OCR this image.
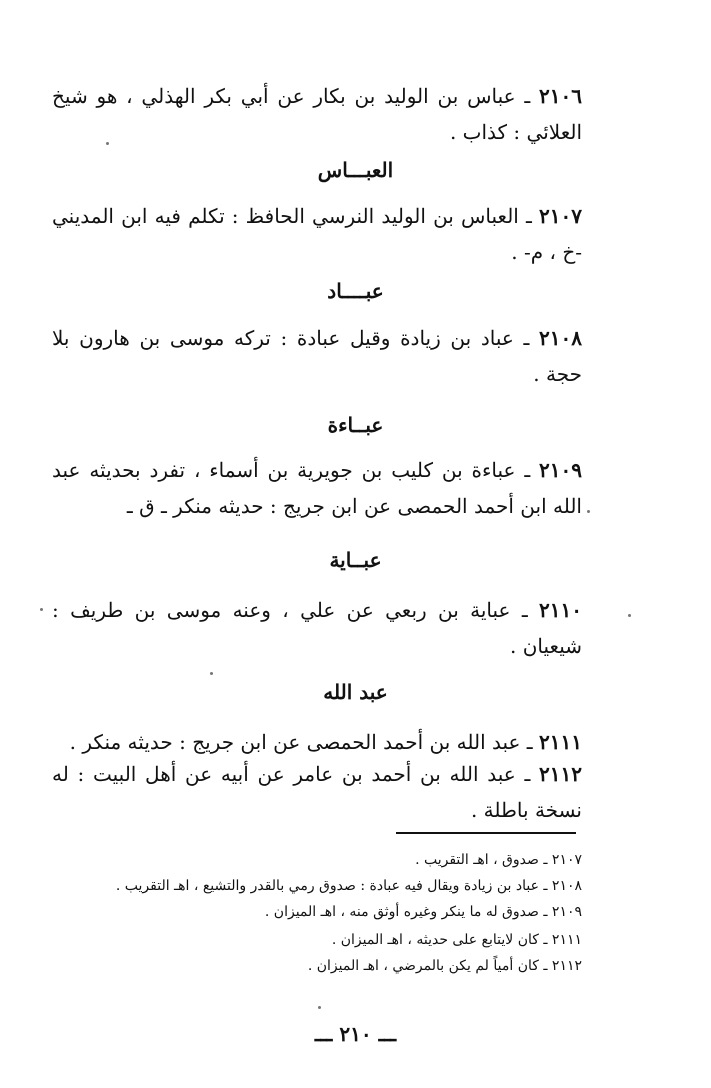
٢١٠٦ ـ عباس بن الوليد بن بكار عن أبي بكر الهذلي ، هو شيخ العلائي : كذاب .
العبـــاس
٢١٠٧ ـ العباس بن الوليد النرسي الحافظ : تكلم فيه ابن المديني -خ ، م- .
عبــــاد
٢١٠٨ ـ عباد بن زيادة وقيل عبادة : تركه موسى بن هارون بلا حجة .
عبــاءة
٢١٠٩ ـ عباءة بن كليب بن جويرية بن أسماء ، تفرد بحديثه عبد الله ابن أحمد الحمصى عن ابن جريج : حديثه منكر ـ ق ـ
عبــاية
٢١١٠ ـ عباية بن ربعي عن علي ، وعنه موسى بن طريف : شيعيان .
عبد الله
٢١١١ ـ عبد الله بن أحمد الحمصى عن ابن جريج : حديثه منكر .
٢١١٢ ـ عبد الله بن أحمد بن عامر عن أبيه عن أهل البيت : له نسخة باطلة .
٢١٠٧ ـ صدوق ، اهـ التقريب .
٢١٠٨ ـ عباد بن زيادة ويقال فيه عبادة : صدوق رمي بالقدر والتشيع ، اهـ التقريب .
٢١٠٩ ـ صدوق له ما ينكر وغيره أوثق منه ، اهـ الميزان .
٢١١١ ـ كان لايتابع على حديثه ، اهـ الميزان .
٢١١٢ ـ كان أمياً لم يكن بالمرضي ، اهـ الميزان .
ـــ ٢١٠ ـــ
